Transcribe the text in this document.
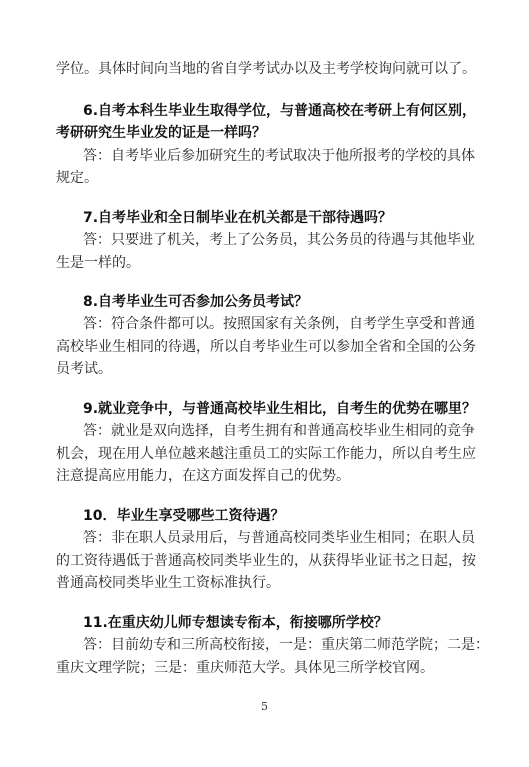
学位。具体时间向当地的省自学考试办以及主考学校询问就可以了。
6.自考本科生毕业生取得学位，与普通高校在考研上有何区别，
考研研究生毕业发的证是一样吗？
答：自考毕业后参加研究生的考试取决于他所报考的学校的具体
规定。
7.自考毕业和全日制毕业在机关都是干部待遇吗？
答：只要进了机关，考上了公务员，其公务员的待遇与其他毕业
生是一样的。
8.自考毕业生可否参加公务员考试？
答：符合条件都可以。按照国家有关条例，自考学生享受和普通
高校毕业生相同的待遇，所以自考毕业生可以参加全省和全国的公务
员考试。
9.就业竞争中，与普通高校毕业生相比，自考生的优势在哪里？
答：就业是双向选择，自考生拥有和普通高校毕业生相同的竞争
机会，现在用人单位越来越注重员工的实际工作能力，所以自考生应
注意提高应用能力，在这方面发挥自己的优势。
10．毕业生享受哪些工资待遇？
答：非在职人员录用后，与普通高校同类毕业生相同；在职人员
的工资待遇低于普通高校同类毕业生的，从获得毕业证书之日起，按
普通高校同类毕业生工资标准执行。
11.在重庆幼儿师专想读专衔本，衔接哪所学校？
答：目前幼专和三所高校衔接，一是：重庆第二师范学院；二是：
重庆文理学院；三是：重庆师范大学。具体见三所学校官网。
5
